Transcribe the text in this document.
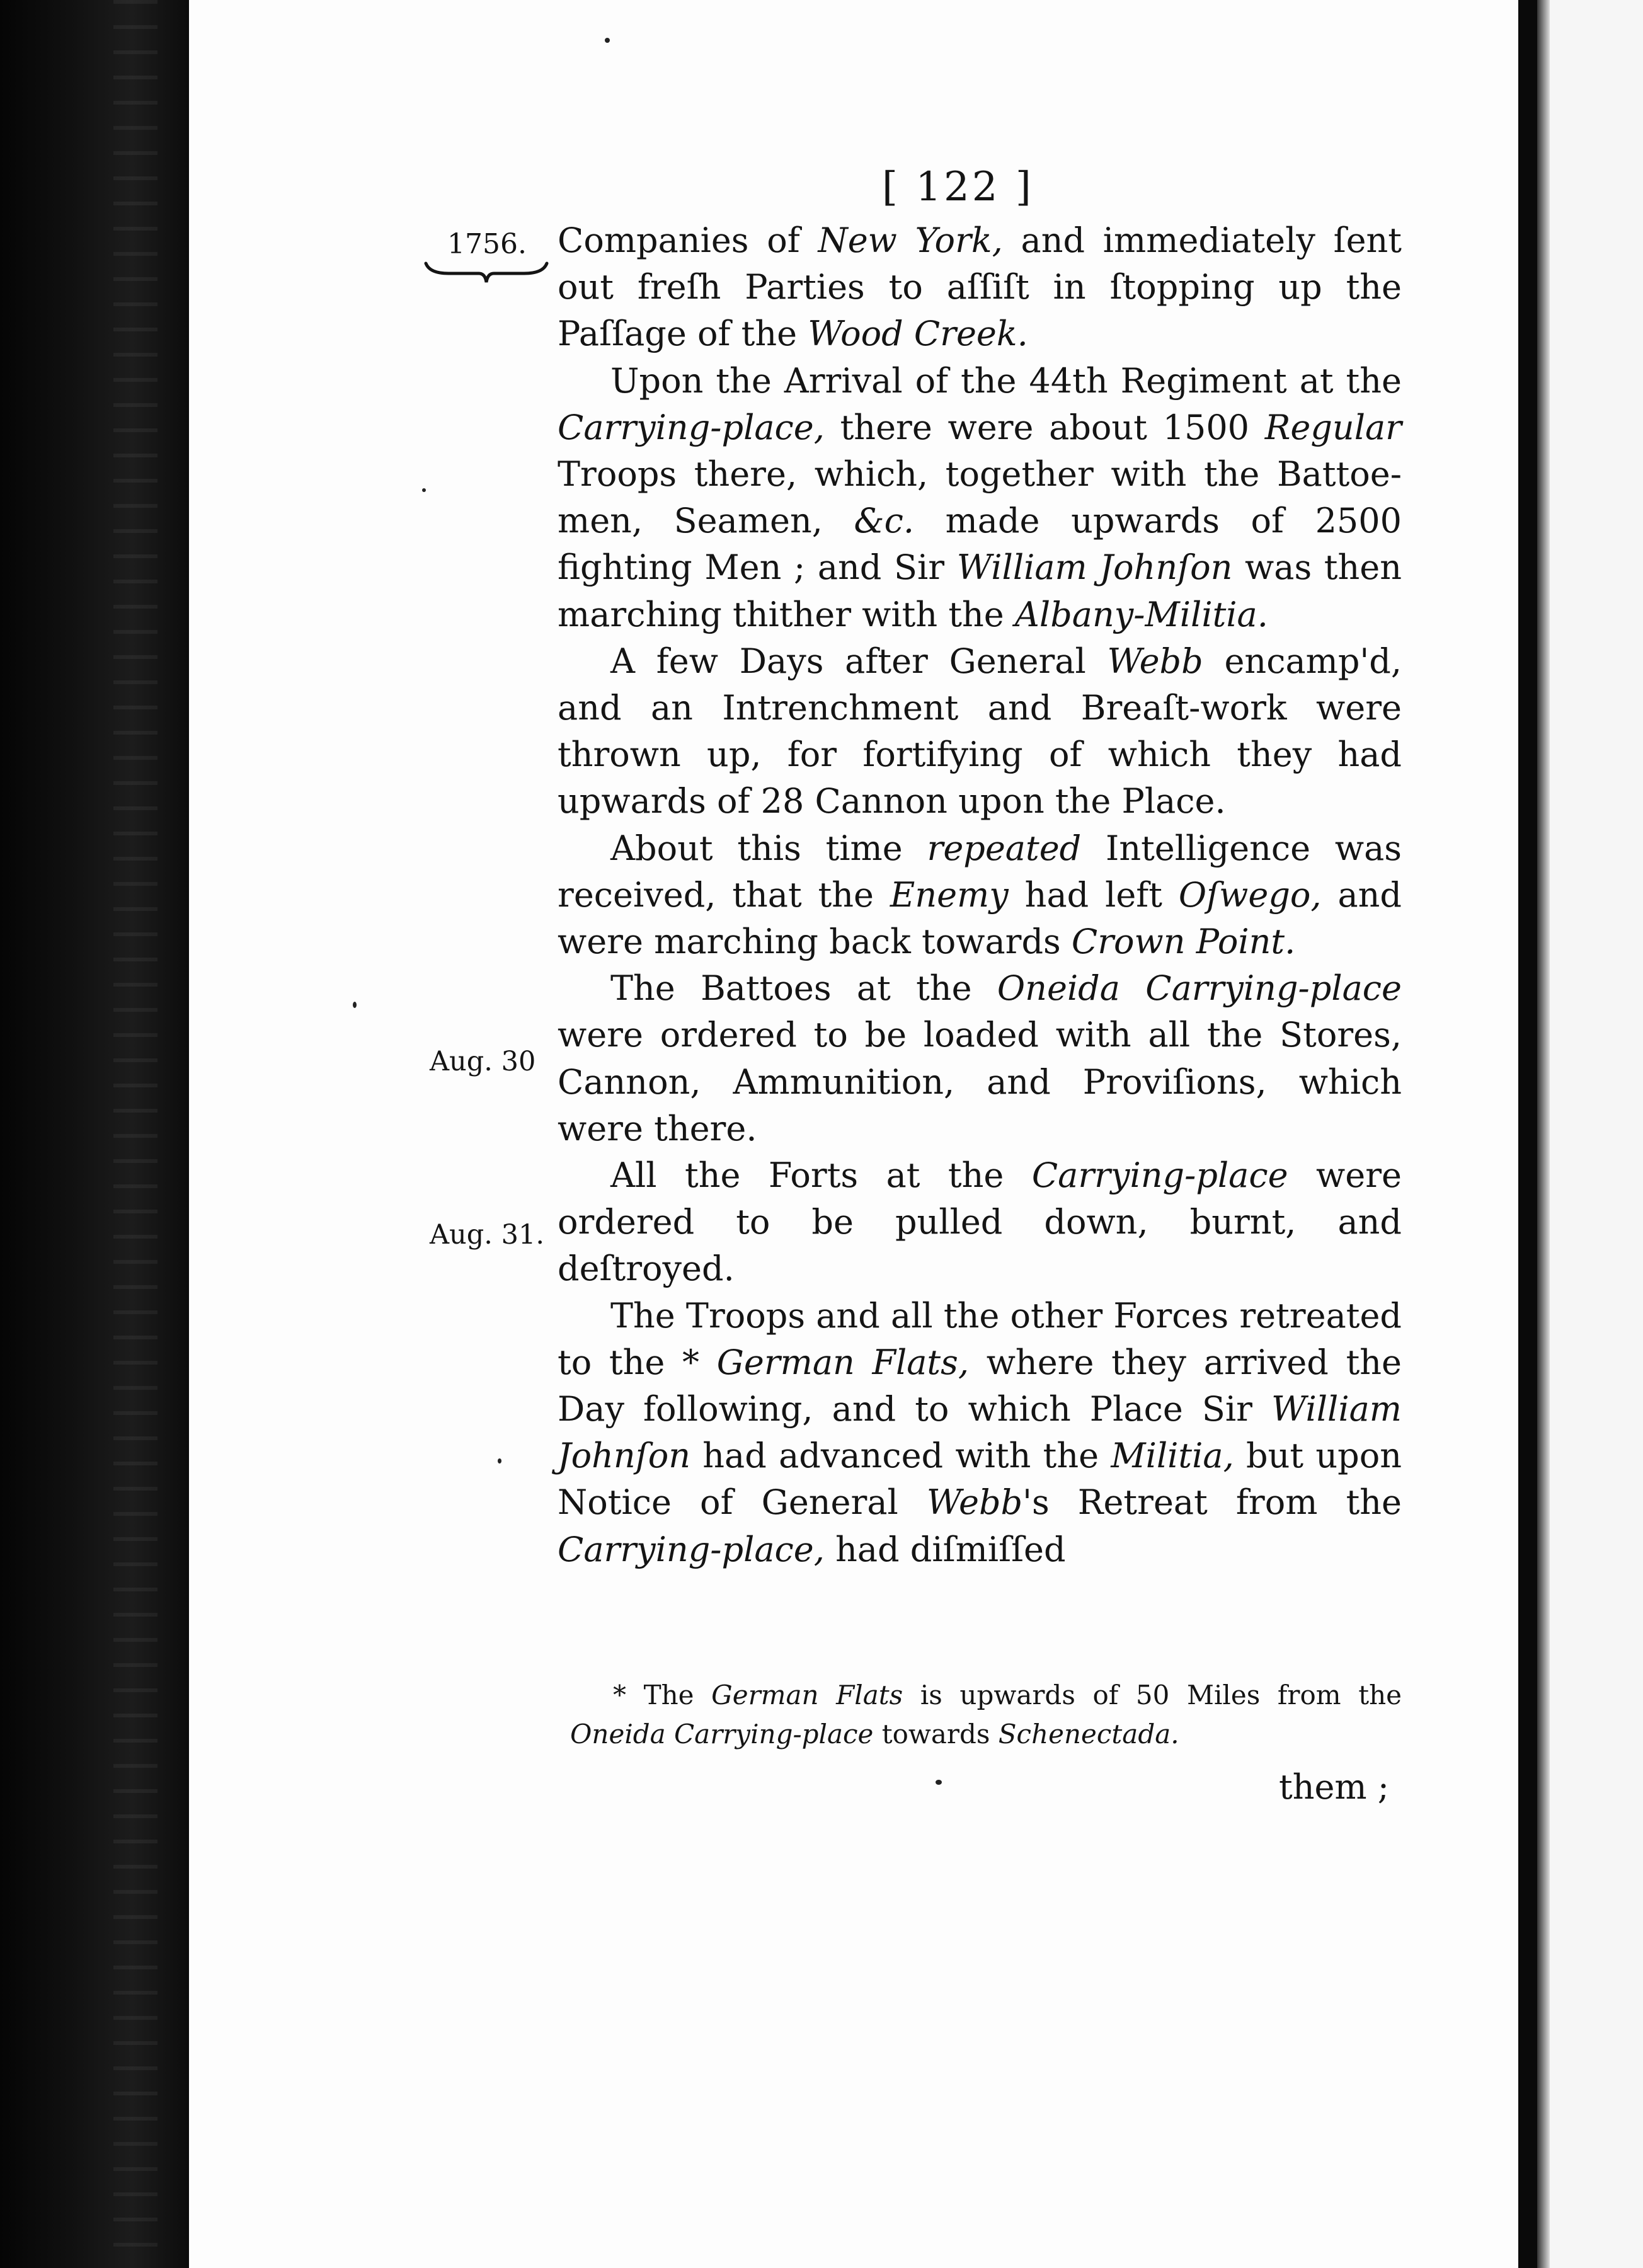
[ 122 ]
1756. Companies of New York, and immediately ſent out freſh Parties to aſſiſt in ſtopping up the Paſſage of the Wood Creek.

Upon the Arrival of the 44th Regiment at the Carrying-place, there were about 1500 Regular Troops there, which, together with the Battoe-men, Seamen, &c. made upwards of 2500 fighting Men ; and Sir William Johnſon was then marching thither with the Albany-Militia.

A few Days after General Webb encamp'd, and an Intrenchment and Breaſt-work were thrown up, for fortifying of which they had upwards of 28 Cannon upon the Place.

About this time repeated Intelligence was received, that the Enemy had left Oſwego, and were marching back towards Crown Point.

The Battoes at the Oneida Carrying-place were ordered to be loaded with all the Stores, Cannon, Ammunition, and Proviſions, which were there.

All the Forts at the Carrying-place were ordered to be pulled down, burnt, and deſtroyed.

The Troops and all the other Forces retreated to the * German Flats, where they arrived the Day following, and to which Place Sir William Johnſon had advanced with the Militia, but upon Notice of General Webb's Retreat from the Carrying-place, had diſmiſſed

Aug. 30
Aug. 31.

* The German Flats is upwards of 50 Miles from the Oneida Carrying-place towards Schenectada.

them ;
